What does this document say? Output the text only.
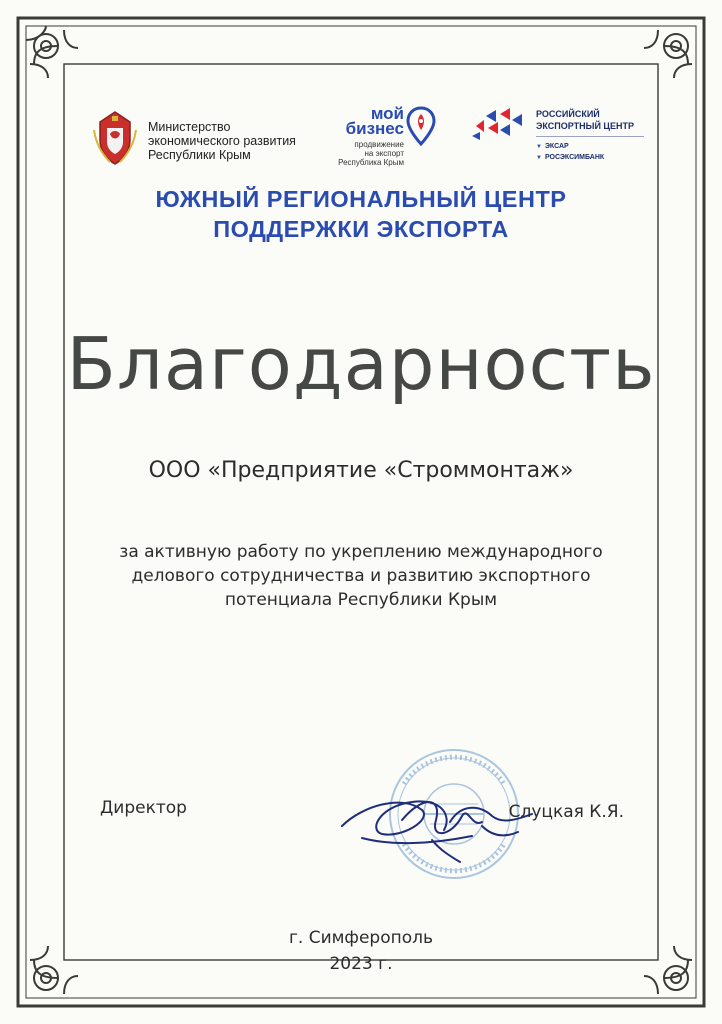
Министерство
экономического развития
Республики Крым
мой
бизнес
продвижение
на экспорт
Республика Крым
РОССИЙСКИЙ
ЭКСПОРТНЫЙ ЦЕНТР
▼ ЭКСАР
▼ РОСЭКСИМБАНК
ЮЖНЫЙ РЕГИОНАЛЬНЫЙ ЦЕНТР
ПОДДЕРЖКИ ЭКСПОРТА
Благодарность
ООО «Предприятие «Строммонтаж»
за активную работу по укреплению международного
делового сотрудничества и развитию экспортного
потенциала Республики Крым
Директор	Слуцкая К.Я.
г. Симферополь
2023 г.
